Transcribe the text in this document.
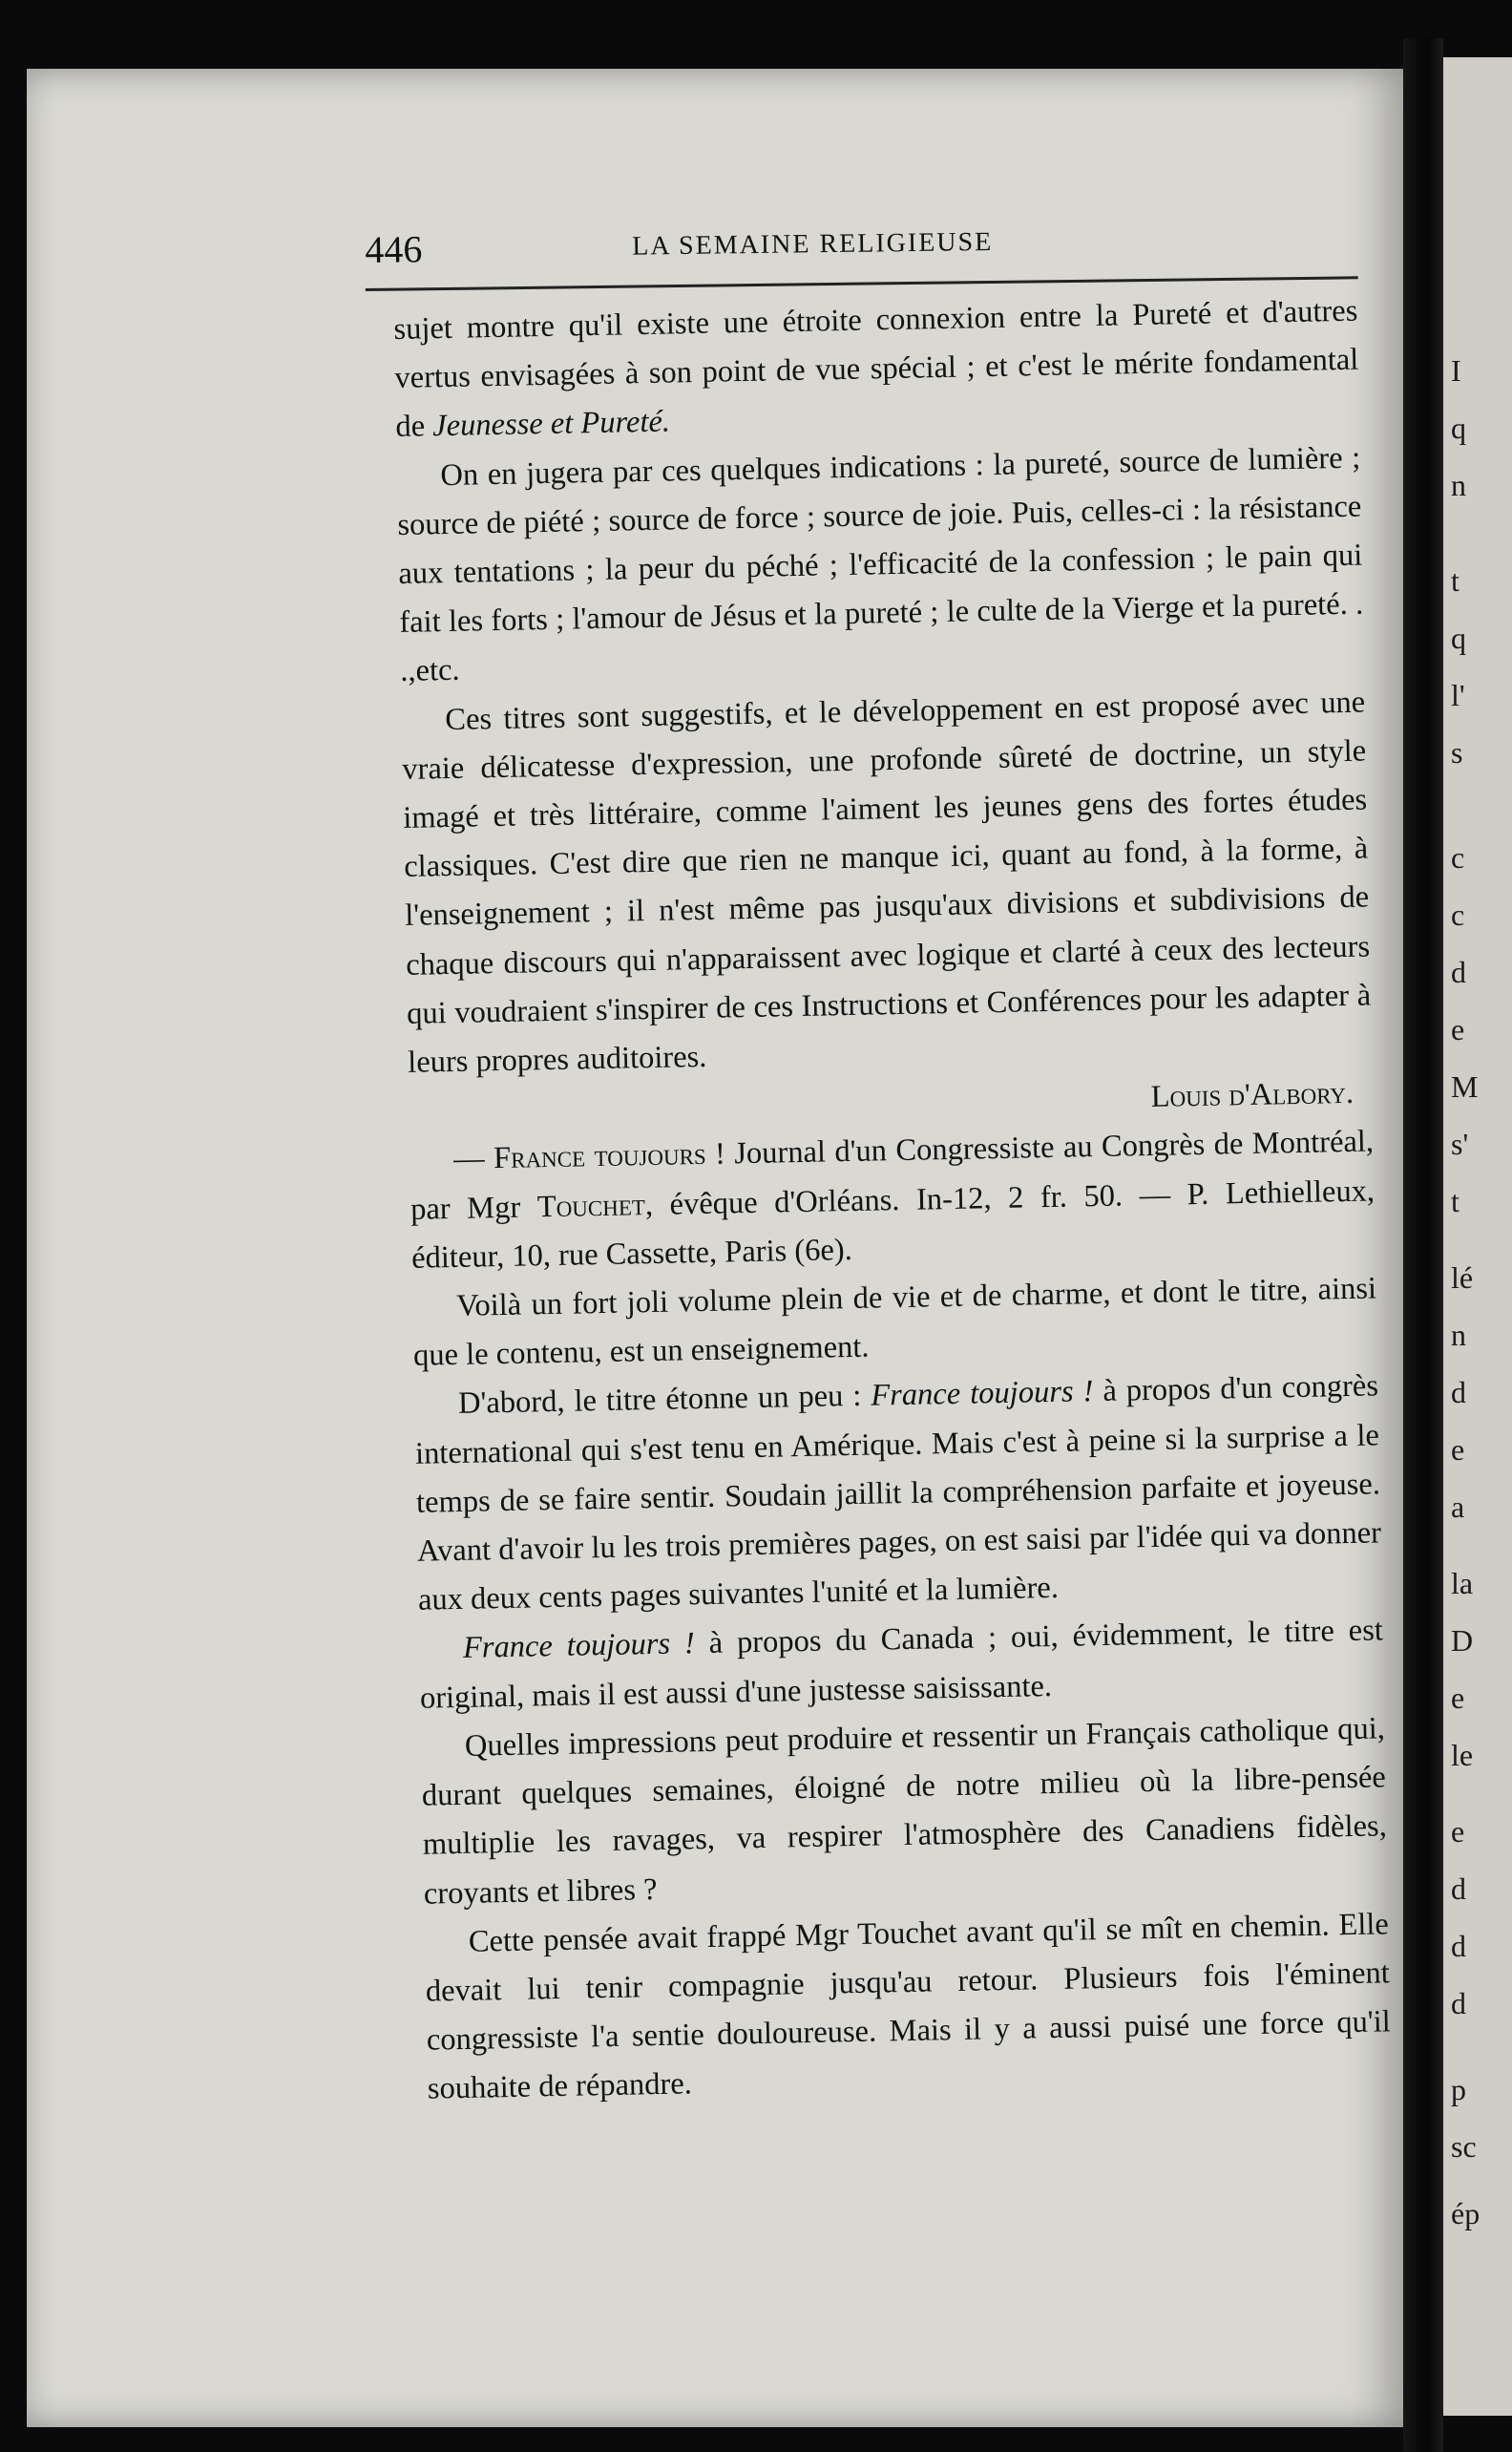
I
q
n
t
q
l'
s
c
c
d
e
M
s'
t
lé
n
d
e
a
la
D
e
le
e
d
d
d
p
sc
ép
446	LA SEMAINE RELIGIEUSE

sujet montre qu'il existe une étroite connexion entre la Pureté et d'autres vertus envisagées à son point de vue spécial ; et c'est le mérite fondamental de Jeunesse et Pureté.

On en jugera par ces quelques indications : la pureté, source de lumière ; source de piété ; source de force ; source de joie. Puis, celles-ci : la résistance aux tentations ; la peur du péché ; l'efficacité de la confession ; le pain qui fait les forts ; l'amour de Jésus et la pureté ; le culte de la Vierge et la pureté. . .,etc.

Ces titres sont suggestifs, et le développement en est proposé avec une vraie délicatesse d'expression, une profonde sûreté de doctrine, un style imagé et très littéraire, comme l'aiment les jeunes gens des fortes études classiques. C'est dire que rien ne manque ici, quant au fond, à la forme, à l'enseignement ; il n'est même pas jusqu'aux divisions et subdivisions de chaque discours qui n'apparaissent avec logique et clarté à ceux des lecteurs qui voudraient s'inspirer de ces Instructions et Conférences pour les adapter à leurs propres auditoires.

Louis d'Albory.

— France toujours ! Journal d'un Congressiste au Congrès de Montréal, par Mgr Touchet, évêque d'Orléans. In-12, 2 fr. 50. — P. Lethielleux, éditeur, 10, rue Cassette, Paris (6e).

Voilà un fort joli volume plein de vie et de charme, et dont le titre, ainsi que le contenu, est un enseignement.

D'abord, le titre étonne un peu : France toujours ! à propos d'un congrès international qui s'est tenu en Amérique. Mais c'est à peine si la surprise a le temps de se faire sentir. Soudain jaillit la compréhension parfaite et joyeuse. Avant d'avoir lu les trois premières pages, on est saisi par l'idée qui va donner aux deux cents pages suivantes l'unité et la lumière.

France toujours ! à propos du Canada ; oui, évidemment, le titre est original, mais il est aussi d'une justesse saisissante.

Quelles impressions peut produire et ressentir un Français catholique qui, durant quelques semaines, éloigné de notre milieu où la libre-pensée multiplie les ravages, va respirer l'atmosphère des Canadiens fidèles, croyants et libres ?

Cette pensée avait frappé Mgr Touchet avant qu'il se mît en chemin. Elle devait lui tenir compagnie jusqu'au retour. Plusieurs fois l'éminent congressiste l'a sentie douloureuse. Mais il y a aussi puisé une force qu'il souhaite de répandre.
